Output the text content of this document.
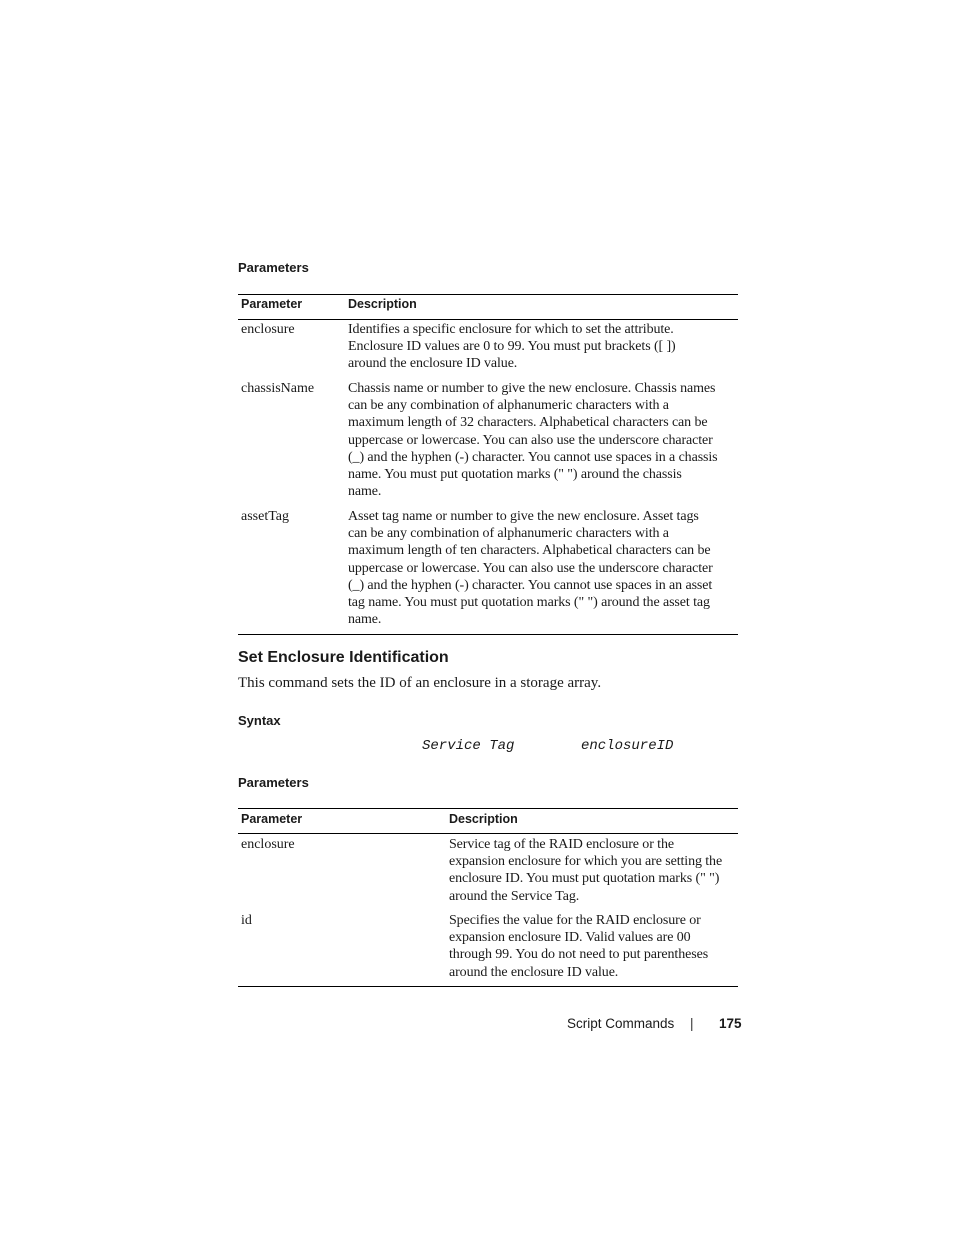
Parameters
Parameter	Description
enclosure	Identifies a specific enclosure for which to set the attribute.
Enclosure ID values are 0 to 99. You must put brackets ([ ])
around the enclosure ID value.
chassisName Chassis name or number to give the new enclosure. Chassis names
can be any combination of alphanumeric characters with a
maximum length of 32 characters. Alphabetical characters can be
uppercase or lowercase. You can also use the underscore character
(_) and the hyphen (-) character. You cannot use spaces in a chassis
name. You must put quotation marks (" ") around the chassis
name.
assetTag	Asset tag name or number to give the new enclosure. Asset tags
can be any combination of alphanumeric characters with a
maximum length of ten characters. Alphabetical characters can be
uppercase or lowercase. You can also use the underscore character
(_) and the hyphen (-) character. You cannot use spaces in an asset
tag name. You must put quotation marks (" ") around the asset tag
name.
Set Enclosure Identification
This command sets the ID of an enclosure in a storage array.
Syntax
Service Tag	enclosureID
Parameters
Parameter	Description
enclosure	Service tag of the RAID enclosure or the
expansion enclosure for which you are setting the
enclosure ID. You must put quotation marks (" ")
around the Service Tag.
id	Specifies the value for the RAID enclosure or
expansion enclosure ID. Valid values are 00
through 99. You do not need to put parentheses
around the enclosure ID value.
Script Commands | 175
